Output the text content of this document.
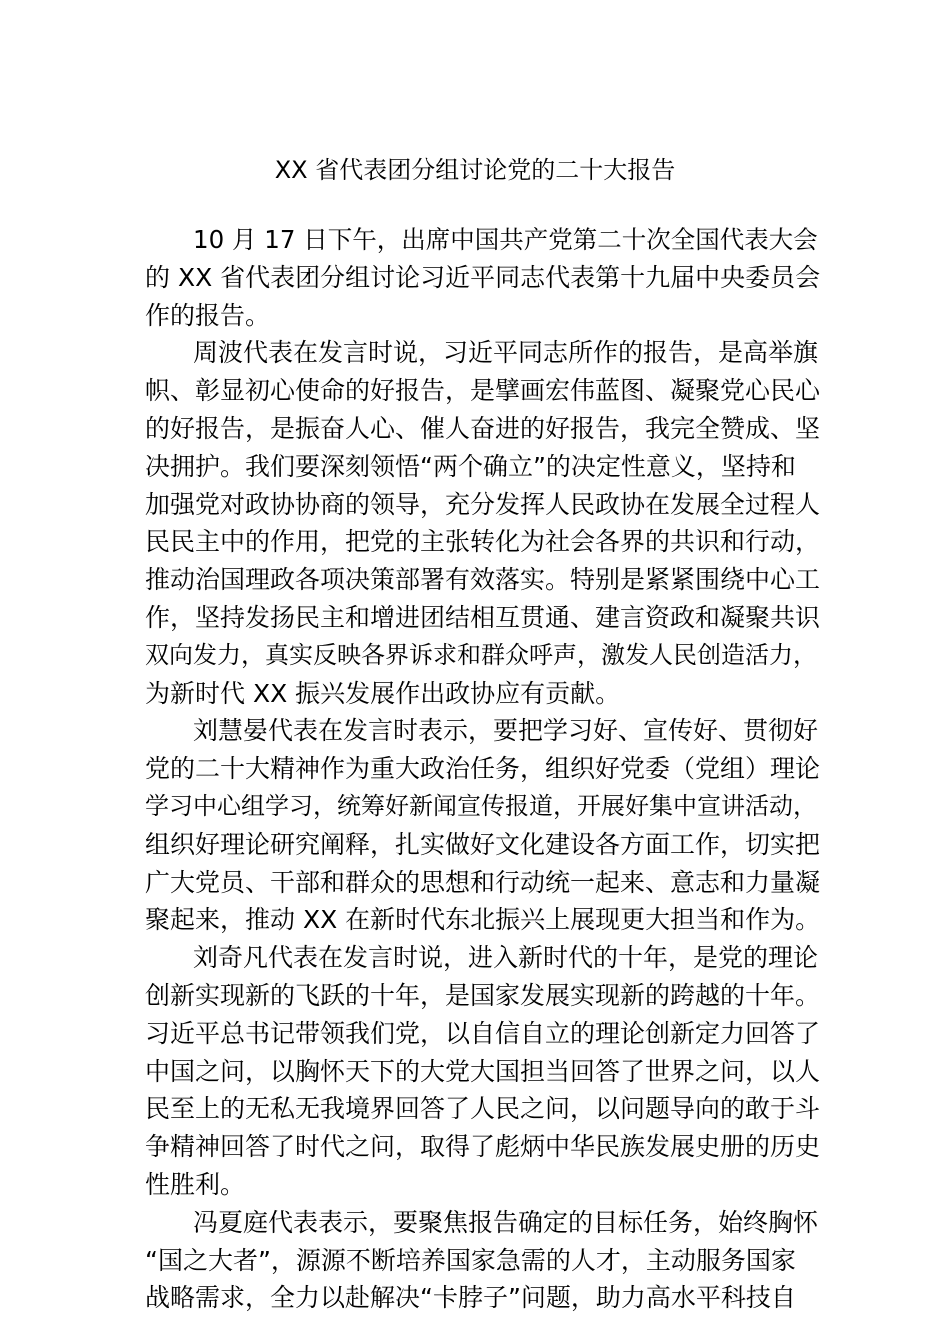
XX 省代表团分组讨论党的二十大报告
10 月 17 日下午，出席中国共产党第二十次全国代表大会
的 XX 省代表团分组讨论习近平同志代表第十九届中央委员会
作的报告。
周波代表在发言时说，习近平同志所作的报告，是高举旗
帜、彰显初心使命的好报告，是擘画宏伟蓝图、凝聚党心民心
的好报告，是振奋人心、催人奋进的好报告，我完全赞成、坚
决拥护。我们要深刻领悟“两个确立”的决定性意义，坚持和
加强党对政协协商的领导，充分发挥人民政协在发展全过程人
民民主中的作用，把党的主张转化为社会各界的共识和行动，
推动治国理政各项决策部署有效落实。特别是紧紧围绕中心工
作，坚持发扬民主和增进团结相互贯通、建言资政和凝聚共识
双向发力，真实反映各界诉求和群众呼声，激发人民创造活力，
为新时代 XX 振兴发展作出政协应有贡献。
刘慧晏代表在发言时表示，要把学习好、宣传好、贯彻好
党的二十大精神作为重大政治任务，组织好党委（党组）理论
学习中心组学习，统筹好新闻宣传报道，开展好集中宣讲活动，
组织好理论研究阐释，扎实做好文化建设各方面工作，切实把
广大党员、干部和群众的思想和行动统一起来、意志和力量凝
聚起来，推动 XX 在新时代东北振兴上展现更大担当和作为。
刘奇凡代表在发言时说，进入新时代的十年，是党的理论
创新实现新的飞跃的十年，是国家发展实现新的跨越的十年。
习近平总书记带领我们党，以自信自立的理论创新定力回答了
中国之问，以胸怀天下的大党大国担当回答了世界之问，以人
民至上的无私无我境界回答了人民之问，以问题导向的敢于斗
争精神回答了时代之问，取得了彪炳中华民族发展史册的历史
性胜利。
冯夏庭代表表示，要聚焦报告确定的目标任务，始终胸怀
“国之大者”，源源不断培养国家急需的人才，主动服务国家
战略需求，全力以赴解决“卡脖子”问题，助力高水平科技自
